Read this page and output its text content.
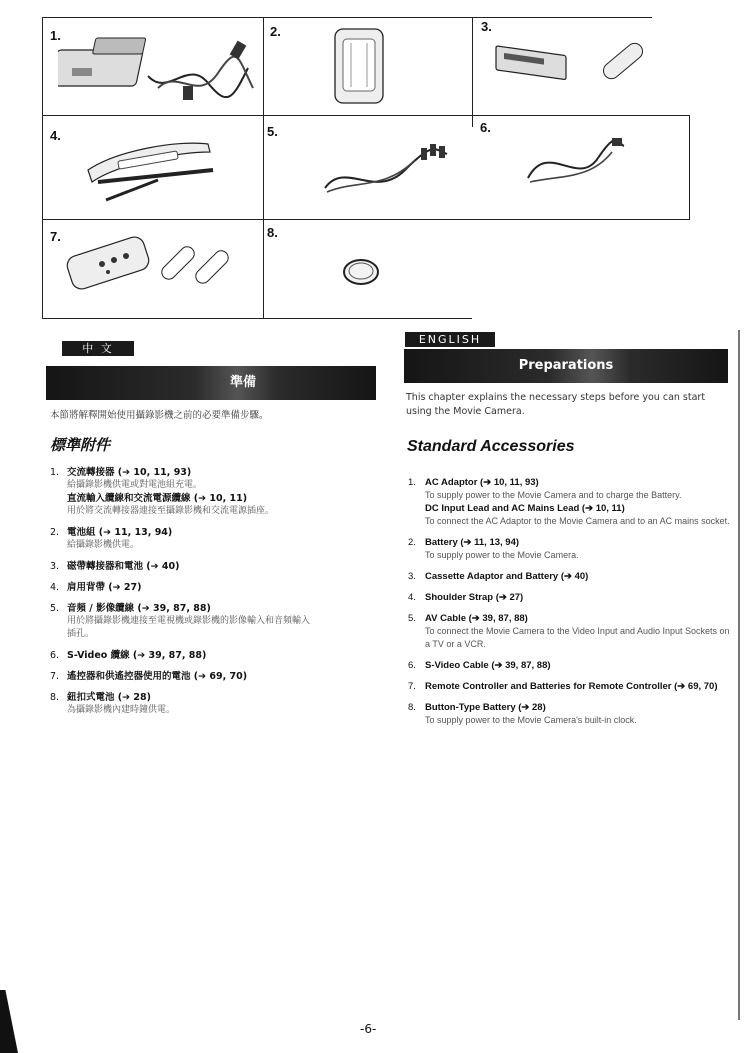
1.	2.	3.
4.	5.	6.
7.	8.
中 文
準備
本節將解釋開始使用攝錄影機之前的必要準備步驟。
標準附件
1. 交流轉接器 (➔ 10, 11, 93)
給攝錄影機供電或對電池組充電。
直流輸入纜線和交流電源纜線 (➔ 10, 11)
用於將交流轉接器連接至攝錄影機和交流電源插座。
2. 電池組 (➔ 11, 13, 94)
給攝錄影機供電。
3. 磁帶轉接器和電池 (➔ 40)
4. 肩用背帶 (➔ 27)
5. 音頻 / 影像纜線 (➔ 39, 87, 88)
用於將攝錄影機連接至電視機或錄影機的影像輸入和音頻輸入
插孔。
6. S-Video 纜線 (➔ 39, 87, 88)
7. 遙控器和供遙控器使用的電池 (➔ 69, 70)
8. 鈕扣式電池 (➔ 28)
為攝錄影機內建時鐘供電。
ENGLISH
Preparations
This chapter explains the necessary steps before you can start using the Movie Camera.
Standard Accessories
1. AC Adaptor (➔ 10, 11, 93)
To supply power to the Movie Camera and to charge the Battery.
DC Input Lead and AC Mains Lead (➔ 10, 11)
To connect the AC Adaptor to the Movie Camera and to an AC mains socket.
2. Battery (➔ 11, 13, 94)
To supply power to the Movie Camera.
3. Cassette Adaptor and Battery (➔ 40)
4. Shoulder Strap (➔ 27)
5. AV Cable (➔ 39, 87, 88)
To connect the Movie Camera to the Video Input and Audio Input Sockets on a TV or a VCR.
6. S-Video Cable (➔ 39, 87, 88)
7. Remote Controller and Batteries for Remote Controller (➔ 69, 70)
8. Button-Type Battery (➔ 28)
To supply power to the Movie Camera's built-in clock.
-6-
